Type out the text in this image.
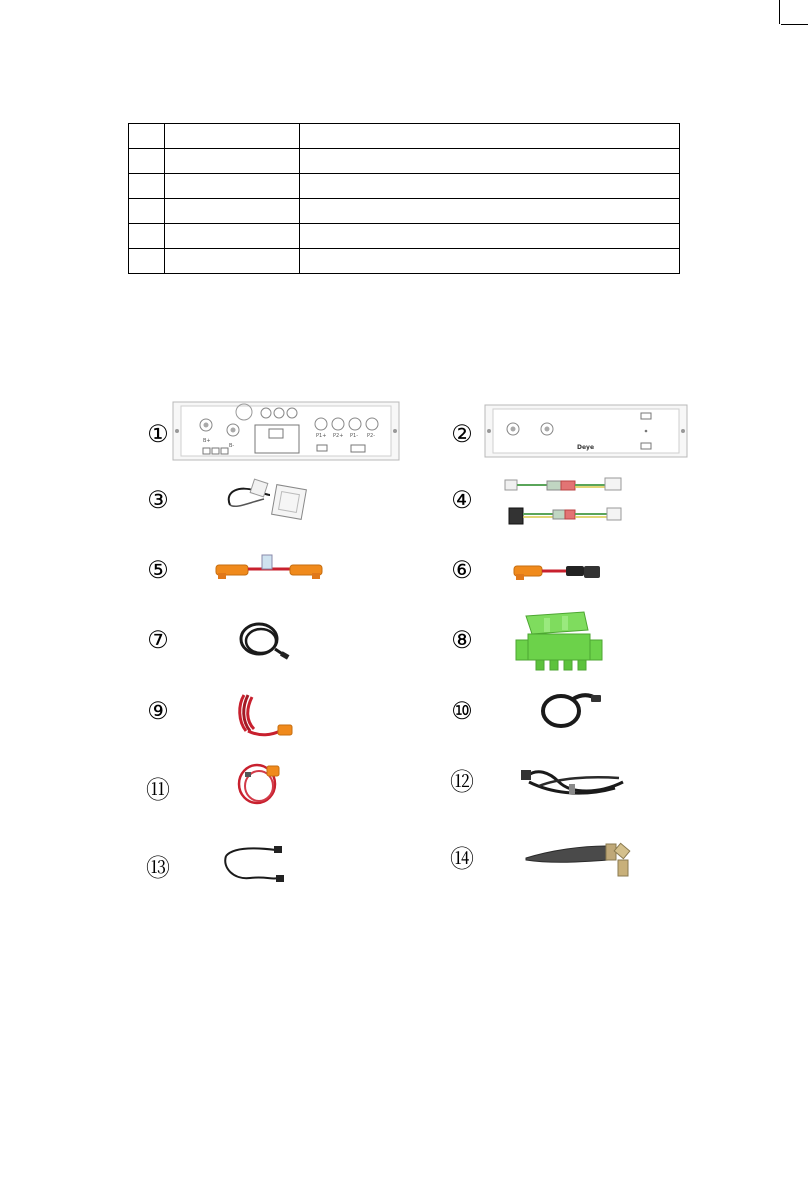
①	②
③	④
⑤	⑥
⑦	⑧
⑨	⑩
⑪	⑫
⑬	⑭
B+
B-
P1+ P2+ P1- P2-
Deye
